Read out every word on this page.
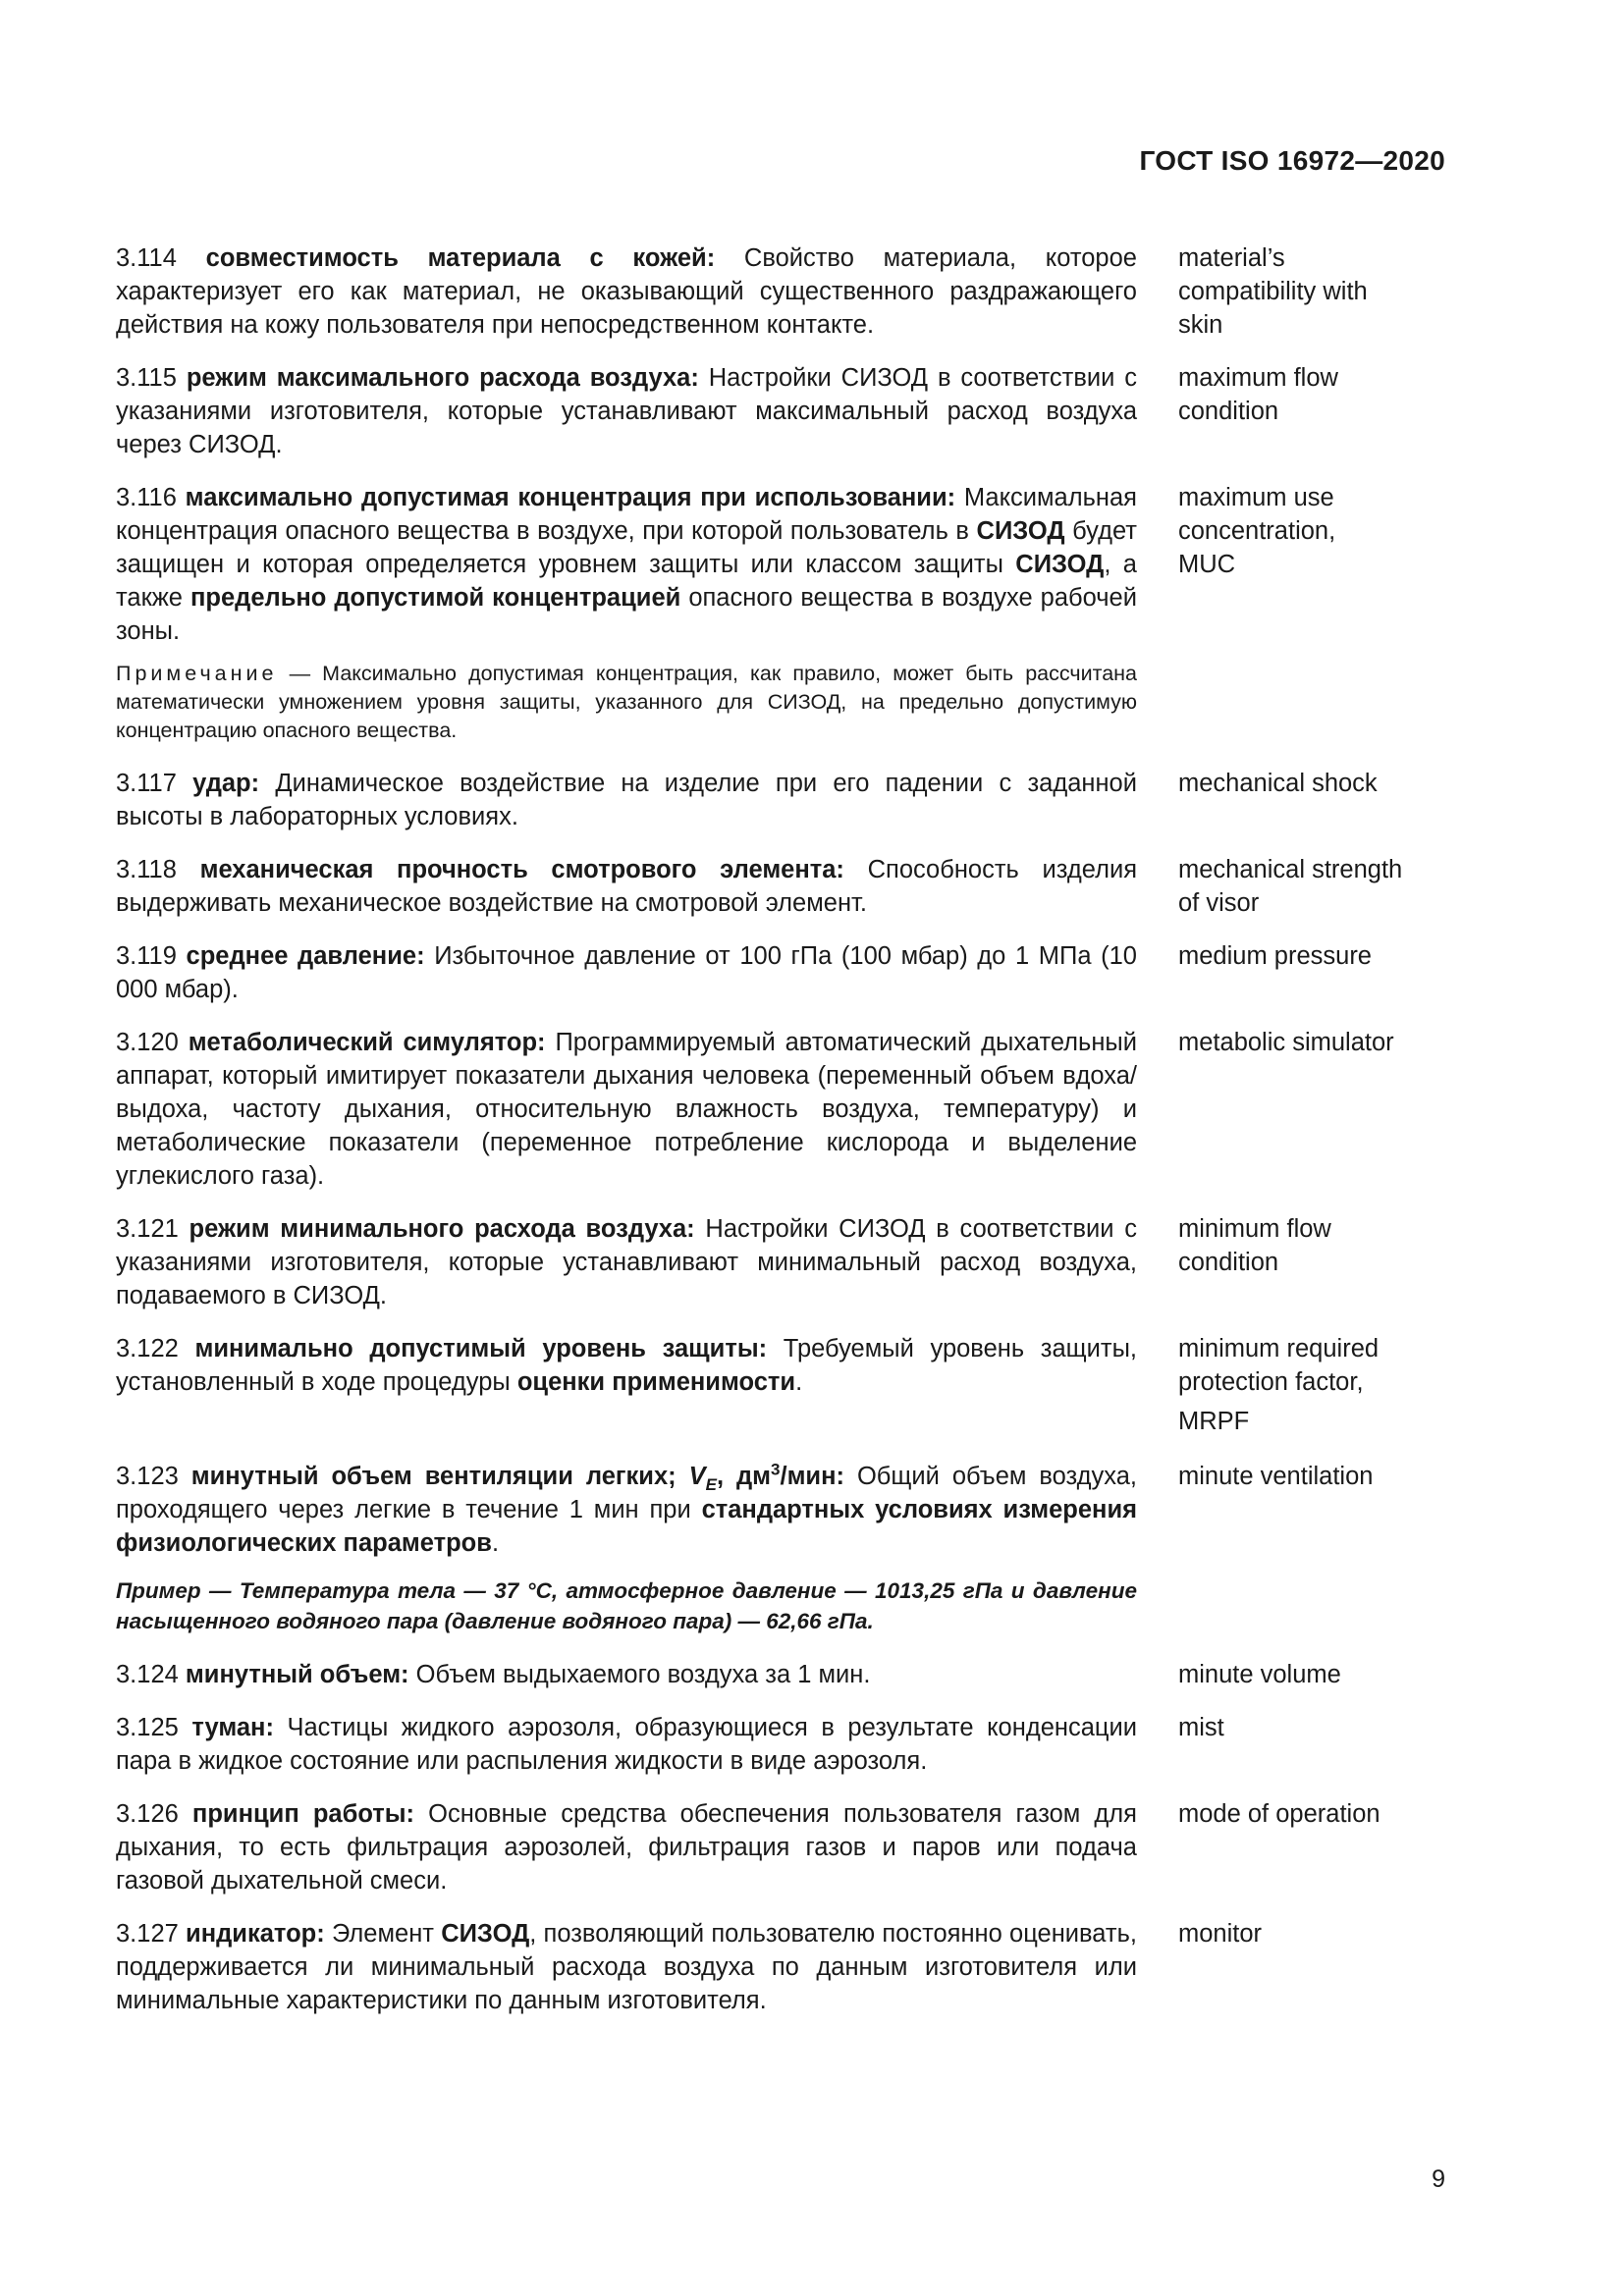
ГОСТ ISO 16972—2020
3.114 совместимость материала с кожей: Свойство материала, которое характеризует его как материал, не оказывающий существенного раздражающего действия на кожу пользователя при непосредственном контакте.
material’s
compatibility with
skin
3.115 режим максимального расхода воздуха: Настройки СИЗОД в соответствии с указаниями изготовителя, которые устанавливают максимальный расход воздуха через СИЗОД.
maximum flow
condition
3.116 максимально допустимая концентрация при использовании: Максимальная концентрация опасного вещества в воздухе, при которой пользователь в СИЗОД будет защищен и которая определяется уровнем защиты или классом защиты СИЗОД, а также предельно допустимой концентрацией опасного вещества в воздухе рабочей зоны.
maximum use
concentration,
MUC
Примечание — Максимально допустимая концентрация, как правило, может быть рассчитана математически умножением уровня защиты, указанного для СИЗОД, на предельно допустимую концентрацию опасного вещества.
3.117 удар: Динамическое воздействие на изделие при его падении с заданной высоты в лабораторных условиях.
mechanical shock
3.118 механическая прочность смотрового элемента: Способность изделия выдерживать механическое воздействие на смотровой элемент.
mechanical strength
of visor
3.119 среднее давление: Избыточное давление от 100 гПа (100 мбар) до 1 МПа (10 000 мбар).
medium pressure
3.120 метаболический симулятор: Программируемый автоматический дыхательный аппарат, который имитирует показатели дыхания человека (переменный объем вдоха/выдоха, частоту дыхания, относительную влажность воздуха, температуру) и метаболические показатели (переменное потребление кислорода и выделение углекислого газа).
metabolic simulator
3.121 режим минимального расхода воздуха: Настройки СИЗОД в соответствии с указаниями изготовителя, которые устанавливают минимальный расход воздуха, подаваемого в СИЗОД.
minimum flow
condition
3.122 минимально допустимый уровень защиты: Требуемый уровень защиты, установленный в ходе процедуры оценки применимости.
minimum required
protection factor,
MRPF
3.123 минутный объем вентиляции легких; $V_E$, $дм^3$/мин: Общий объем воздуха, проходящего через легкие в течение 1 мин при стандартных условиях измерения физиологических параметров.
minute ventilation
Пример — Температура тела — 37 °С, атмосферное давление — 1013,25 гПа и давление насыщенного водяного пара (давление водяного пара) — 62,66 гПа.
3.124 минутный объем: Объем выдыхаемого воздуха за 1 мин.	minute volume
3.125 туман: Частицы жидкого аэрозоля, образующиеся в результате конденсации пара в жидкое состояние или распыления жидкости в виде аэрозоля.
mist
3.126 принцип работы: Основные средства обеспечения пользователя газом для дыхания, то есть фильтрация аэрозолей, фильтрация газов и паров или подача газовой дыхательной смеси.
mode of operation
3.127 индикатор: Элемент СИЗОД, позволяющий пользователю постоянно оценивать, поддерживается ли минимальный расхода воздуха по данным изготовителя или минимальные характеристики по данным изготовителя.
monitor
9
